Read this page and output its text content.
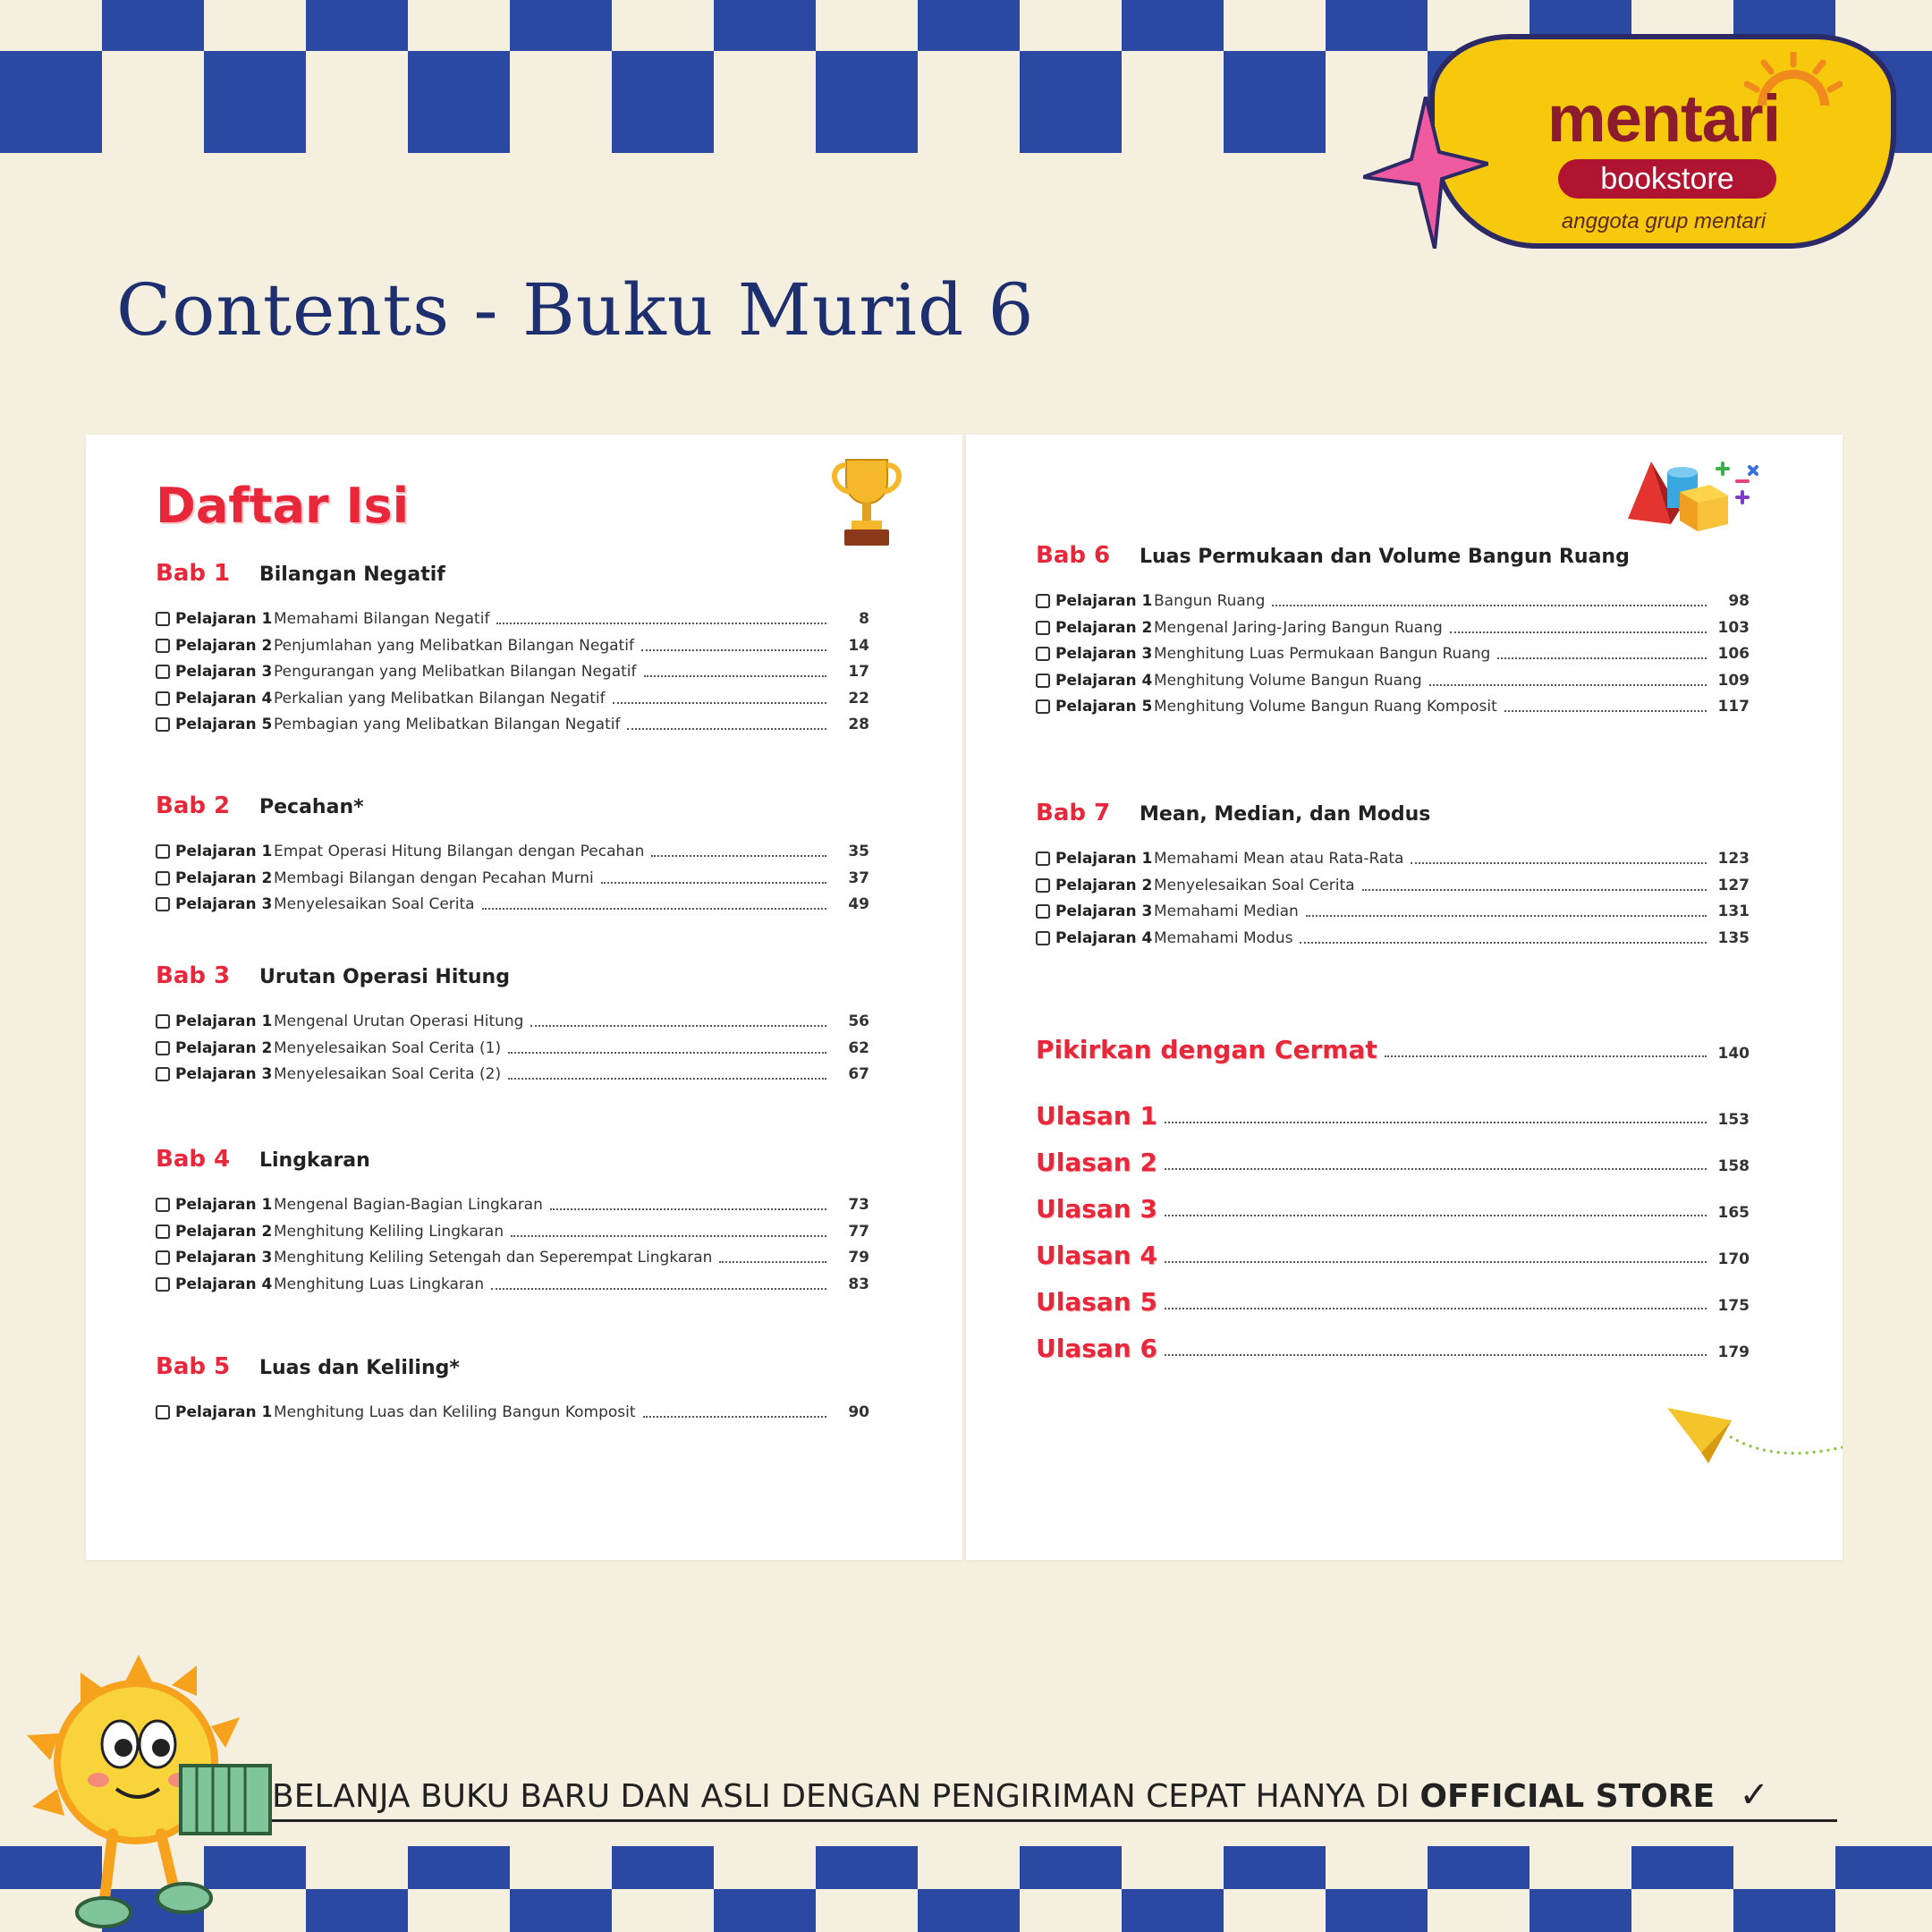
mentari
bookstore
anggota grup mentari
Contents - Buku Murid 6
Daftar Isi
Bab 1 Bilangan Negatif
Pelajaran 1 Memahami Bilangan Negatif	8
Pelajaran 2 Penjumlahan yang Melibatkan Bilangan Negatif	14
Pelajaran 3 Pengurangan yang Melibatkan Bilangan Negatif	17
Pelajaran 4 Perkalian yang Melibatkan Bilangan Negatif	22
Pelajaran 5 Pembagian yang Melibatkan Bilangan Negatif	28
Bab 2 Pecahan*
Pelajaran 1 Empat Operasi Hitung Bilangan dengan Pecahan	35
Pelajaran 2 Membagi Bilangan dengan Pecahan Murni	37
Pelajaran 3 Menyelesaikan Soal Cerita	49
Bab 3 Urutan Operasi Hitung
Pelajaran 1 Mengenal Urutan Operasi Hitung	56
Pelajaran 2 Menyelesaikan Soal Cerita (1)	62
Pelajaran 3 Menyelesaikan Soal Cerita (2)	67
Bab 4 Lingkaran
Pelajaran 1 Mengenal Bagian-Bagian Lingkaran	73
Pelajaran 2 Menghitung Keliling Lingkaran	77
Pelajaran 3 Menghitung Keliling Setengah dan Seperempat Lingkaran	79
Pelajaran 4 Menghitung Luas Lingkaran	83
Bab 5 Luas dan Keliling*
Pelajaran 1 Menghitung Luas dan Keliling Bangun Komposit	90
Bab 6 Luas Permukaan dan Volume Bangun Ruang
Pelajaran 1 Bangun Ruang	98
Pelajaran 2 Mengenal Jaring-Jaring Bangun Ruang	103
Pelajaran 3 Menghitung Luas Permukaan Bangun Ruang	106
Pelajaran 4 Menghitung Volume Bangun Ruang	109
Pelajaran 5 Menghitung Volume Bangun Ruang Komposit	117
Bab 7 Mean, Median, dan Modus
Pelajaran 1 Memahami Mean atau Rata-Rata	123
Pelajaran 2 Menyelesaikan Soal Cerita	127
Pelajaran 3 Memahami Median	131
Pelajaran 4 Memahami Modus	135
Pikirkan dengan Cermat	140
Ulasan 1	153
Ulasan 2	158
Ulasan 3	165
Ulasan 4	170
Ulasan 5	175
Ulasan 6	179
BELANJA BUKU BARU DAN ASLI DENGAN PENGIRIMAN CEPAT HANYA DI OFFICIAL STORE ✓
